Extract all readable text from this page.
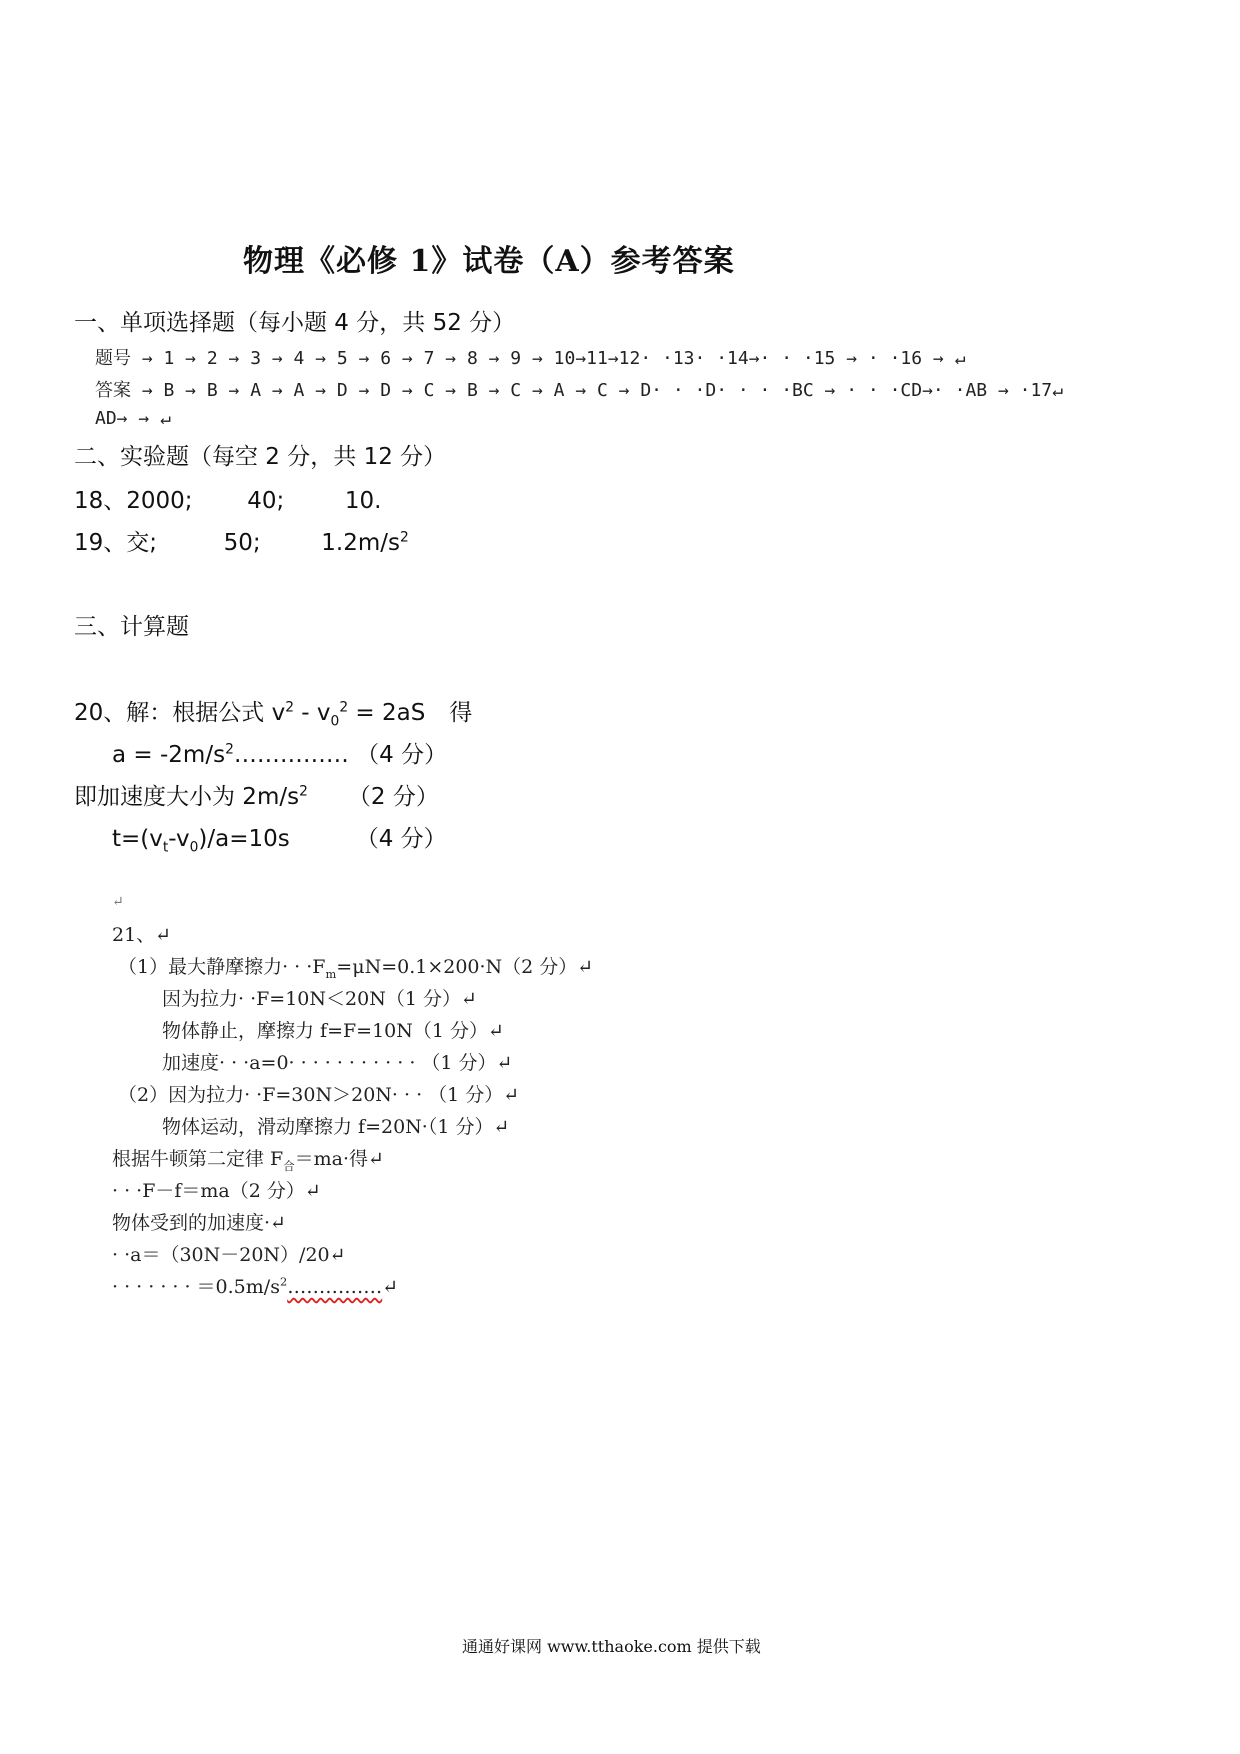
物理《必修 1》试卷（A）参考答案
一、单项选择题（每小题 4 分，共 52 分）
题号 → 1 → 2 → 3 → 4 → 5 → 6 → 7 → 8 → 9 → 10→11→12· ·13· ·14→· · ·15 → · ·16 → ↵
答案 → B → B → A → A → D → D → C → B → C → A → C → D· · ·D· · · ·BC → · · ·CD→· ·AB → ·17↵
AD→ → ↵
二、实验题（每空 2 分，共 12 分）
18、2000; 40;	10.
19、交;	50;	$1.2m/s^2$
三、计算题
20、解：根据公式 $v^2 - v_0^2 = 2aS$ 得
$a = -2m/s^2\dots\dots\dots\dots\dots$ （4 分）
即加速度大小为 $2m/s^2$ （2 分）
$t=(v_t-v_0)/a=10s$	（4 分）
↵
21、↵
（1）最大静摩擦力· · $\cdot F_m=\mu N=0.1\times 200\cdot N(2$ 分）↵
因为拉力· ·F=10N＜20N（1 分）↵
物体静止，摩擦力 f=F=10N（1 分）↵
加速度· · ·a=0· · · · · · · · · · · （1 分）↵
（2）因为拉力· ·F=30N＞20N· · · （1 分）↵
物体运动，滑动摩擦力 f=20N·（1 分）↵
根据牛顿第二定律 $F_合=ma\cdot$得↵
· · ·F－f＝ma（2 分）↵
物体受到的加速度·↵
· ·a＝（30N－20N）/20↵
· · · · · · · $=0.5m/s^2\dots\dots\dots\dots\dots↵$
通通好课网 www.tthaoke.com 提供下载
